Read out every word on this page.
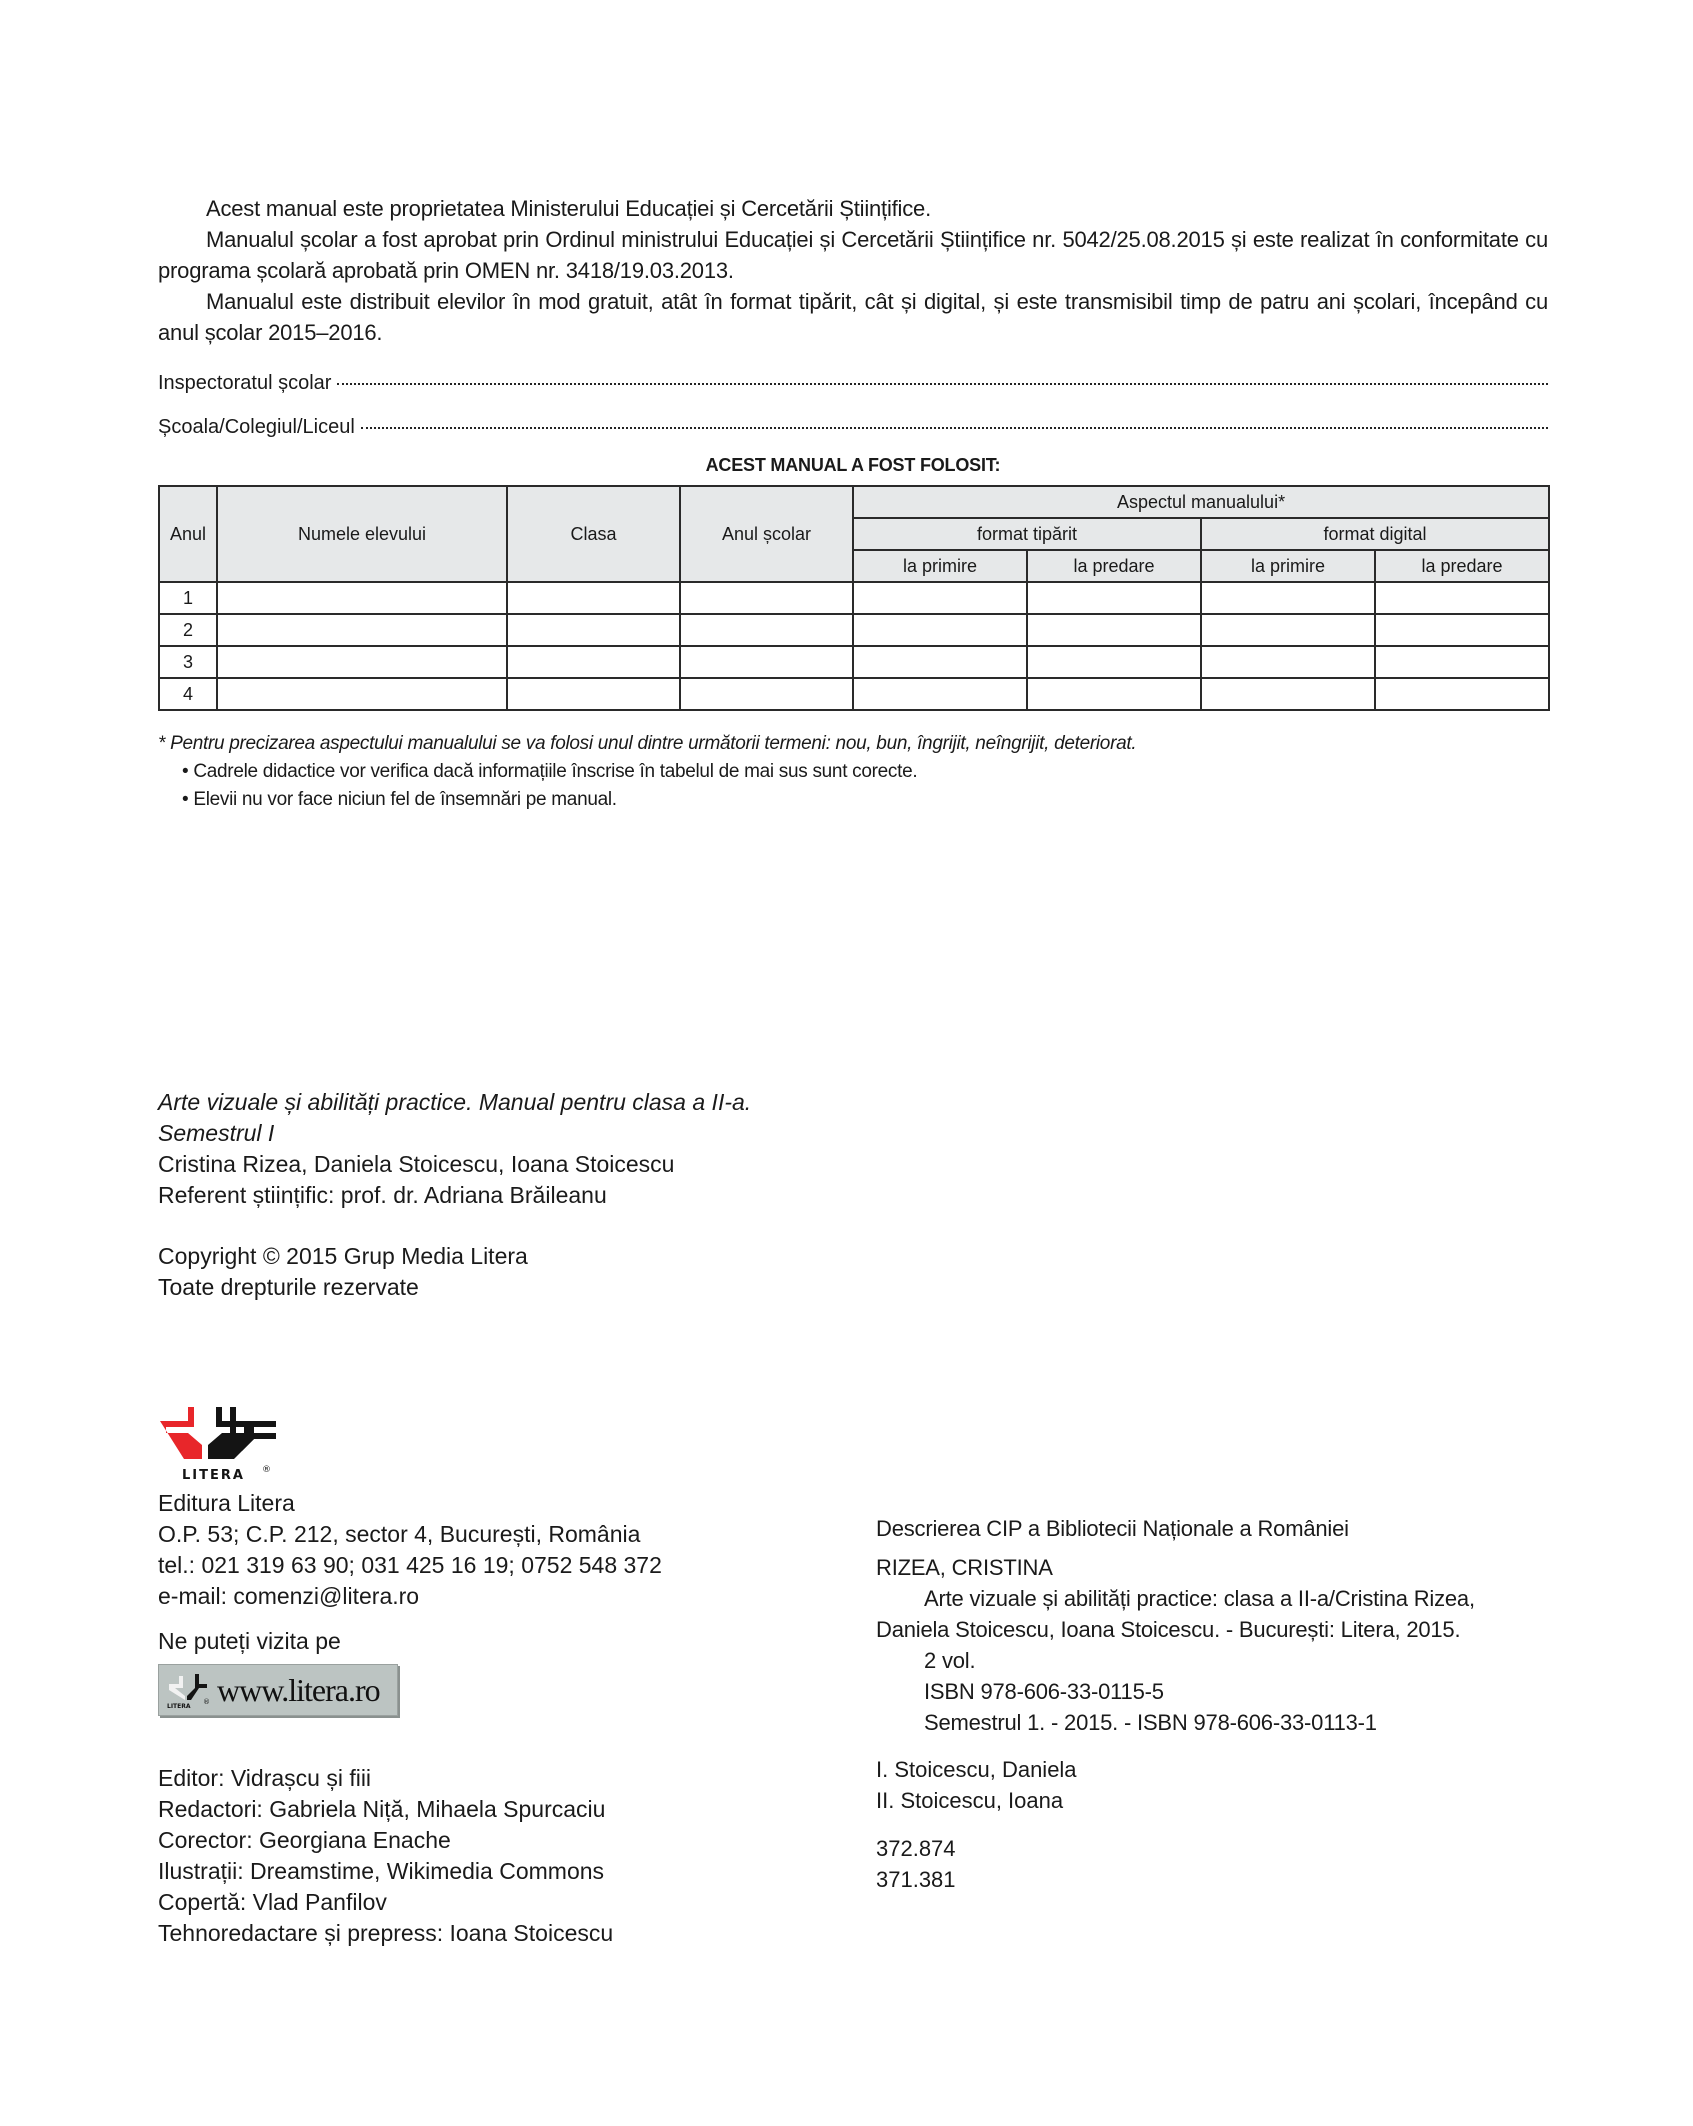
Acest manual este proprietatea Ministerului Educației și Cercetării Științifice.

Manualul școlar a fost aprobat prin Ordinul ministrului Educației și Cercetării Științifice nr. 5042/25.08.2015 și este realizat în conformitate cu programa școlară aprobată prin OMEN nr. 3418/19.03.2013.

Manualul este distribuit elevilor în mod gratuit, atât în format tipărit, cât și digital, și este transmisibil timp de patru ani școlari, începând cu anul școlar 2015–2016.

Inspectoratul școlar
Școala/Colegiul/Liceul
ACEST MANUAL A FOST FOLOSIT:
Anul	Numele elevului	Clasa	Anul școlar	Aspectul manualului*			
				format tipărit		format digital	
				la primire	la predare	la primire	la predare
1							
2							
3							
4							
* Pentru precizarea aspectului manualului se va folosi unul dintre următorii termeni: nou, bun, îngrijit, neîngrijit, deteriorat.
• Cadrele didactice vor verifica dacă informațiile înscrise în tabelul de mai sus sunt corecte.
• Elevii nu vor face niciun fel de însemnări pe manual.
Arte vizuale și abilități practice. Manual pentru clasa a II-a.
Semestrul I
Cristina Rizea, Daniela Stoicescu, Ioana Stoicescu
Referent științific: prof. dr. Adriana Brăileanu
Copyright © 2015 Grup Media Litera
Toate drepturile rezervate
LITERA ®
Editura Litera
O.P. 53; C.P. 212, sector 4, București, România
tel.: 021 319 63 90; 031 425 16 19; 0752 548 372
e-mail: comenzi@litera.ro
Ne puteți vizita pe
LITERA
® www.litera.ro
Editor: Vidrașcu și fiii
Redactori: Gabriela Niță, Mihaela Spurcaciu
Corector: Georgiana Enache
Ilustrații: Dreamstime, Wikimedia Commons
Copertă: Vlad Panfilov
Tehnoredactare și prepress: Ioana Stoicescu
Descrierea CIP a Bibliotecii Naționale a României
RIZEA, CRISTINA
Arte vizuale și abilități practice: clasa a II-a/Cristina Rizea, Daniela Stoicescu, Ioana Stoicescu. - București: Litera, 2015.
2 vol.
ISBN 978-606-33-0115-5
Semestrul 1. - 2015. - ISBN 978-606-33-0113-1
I. Stoicescu, Daniela
II. Stoicescu, Ioana
372.874
371.381
